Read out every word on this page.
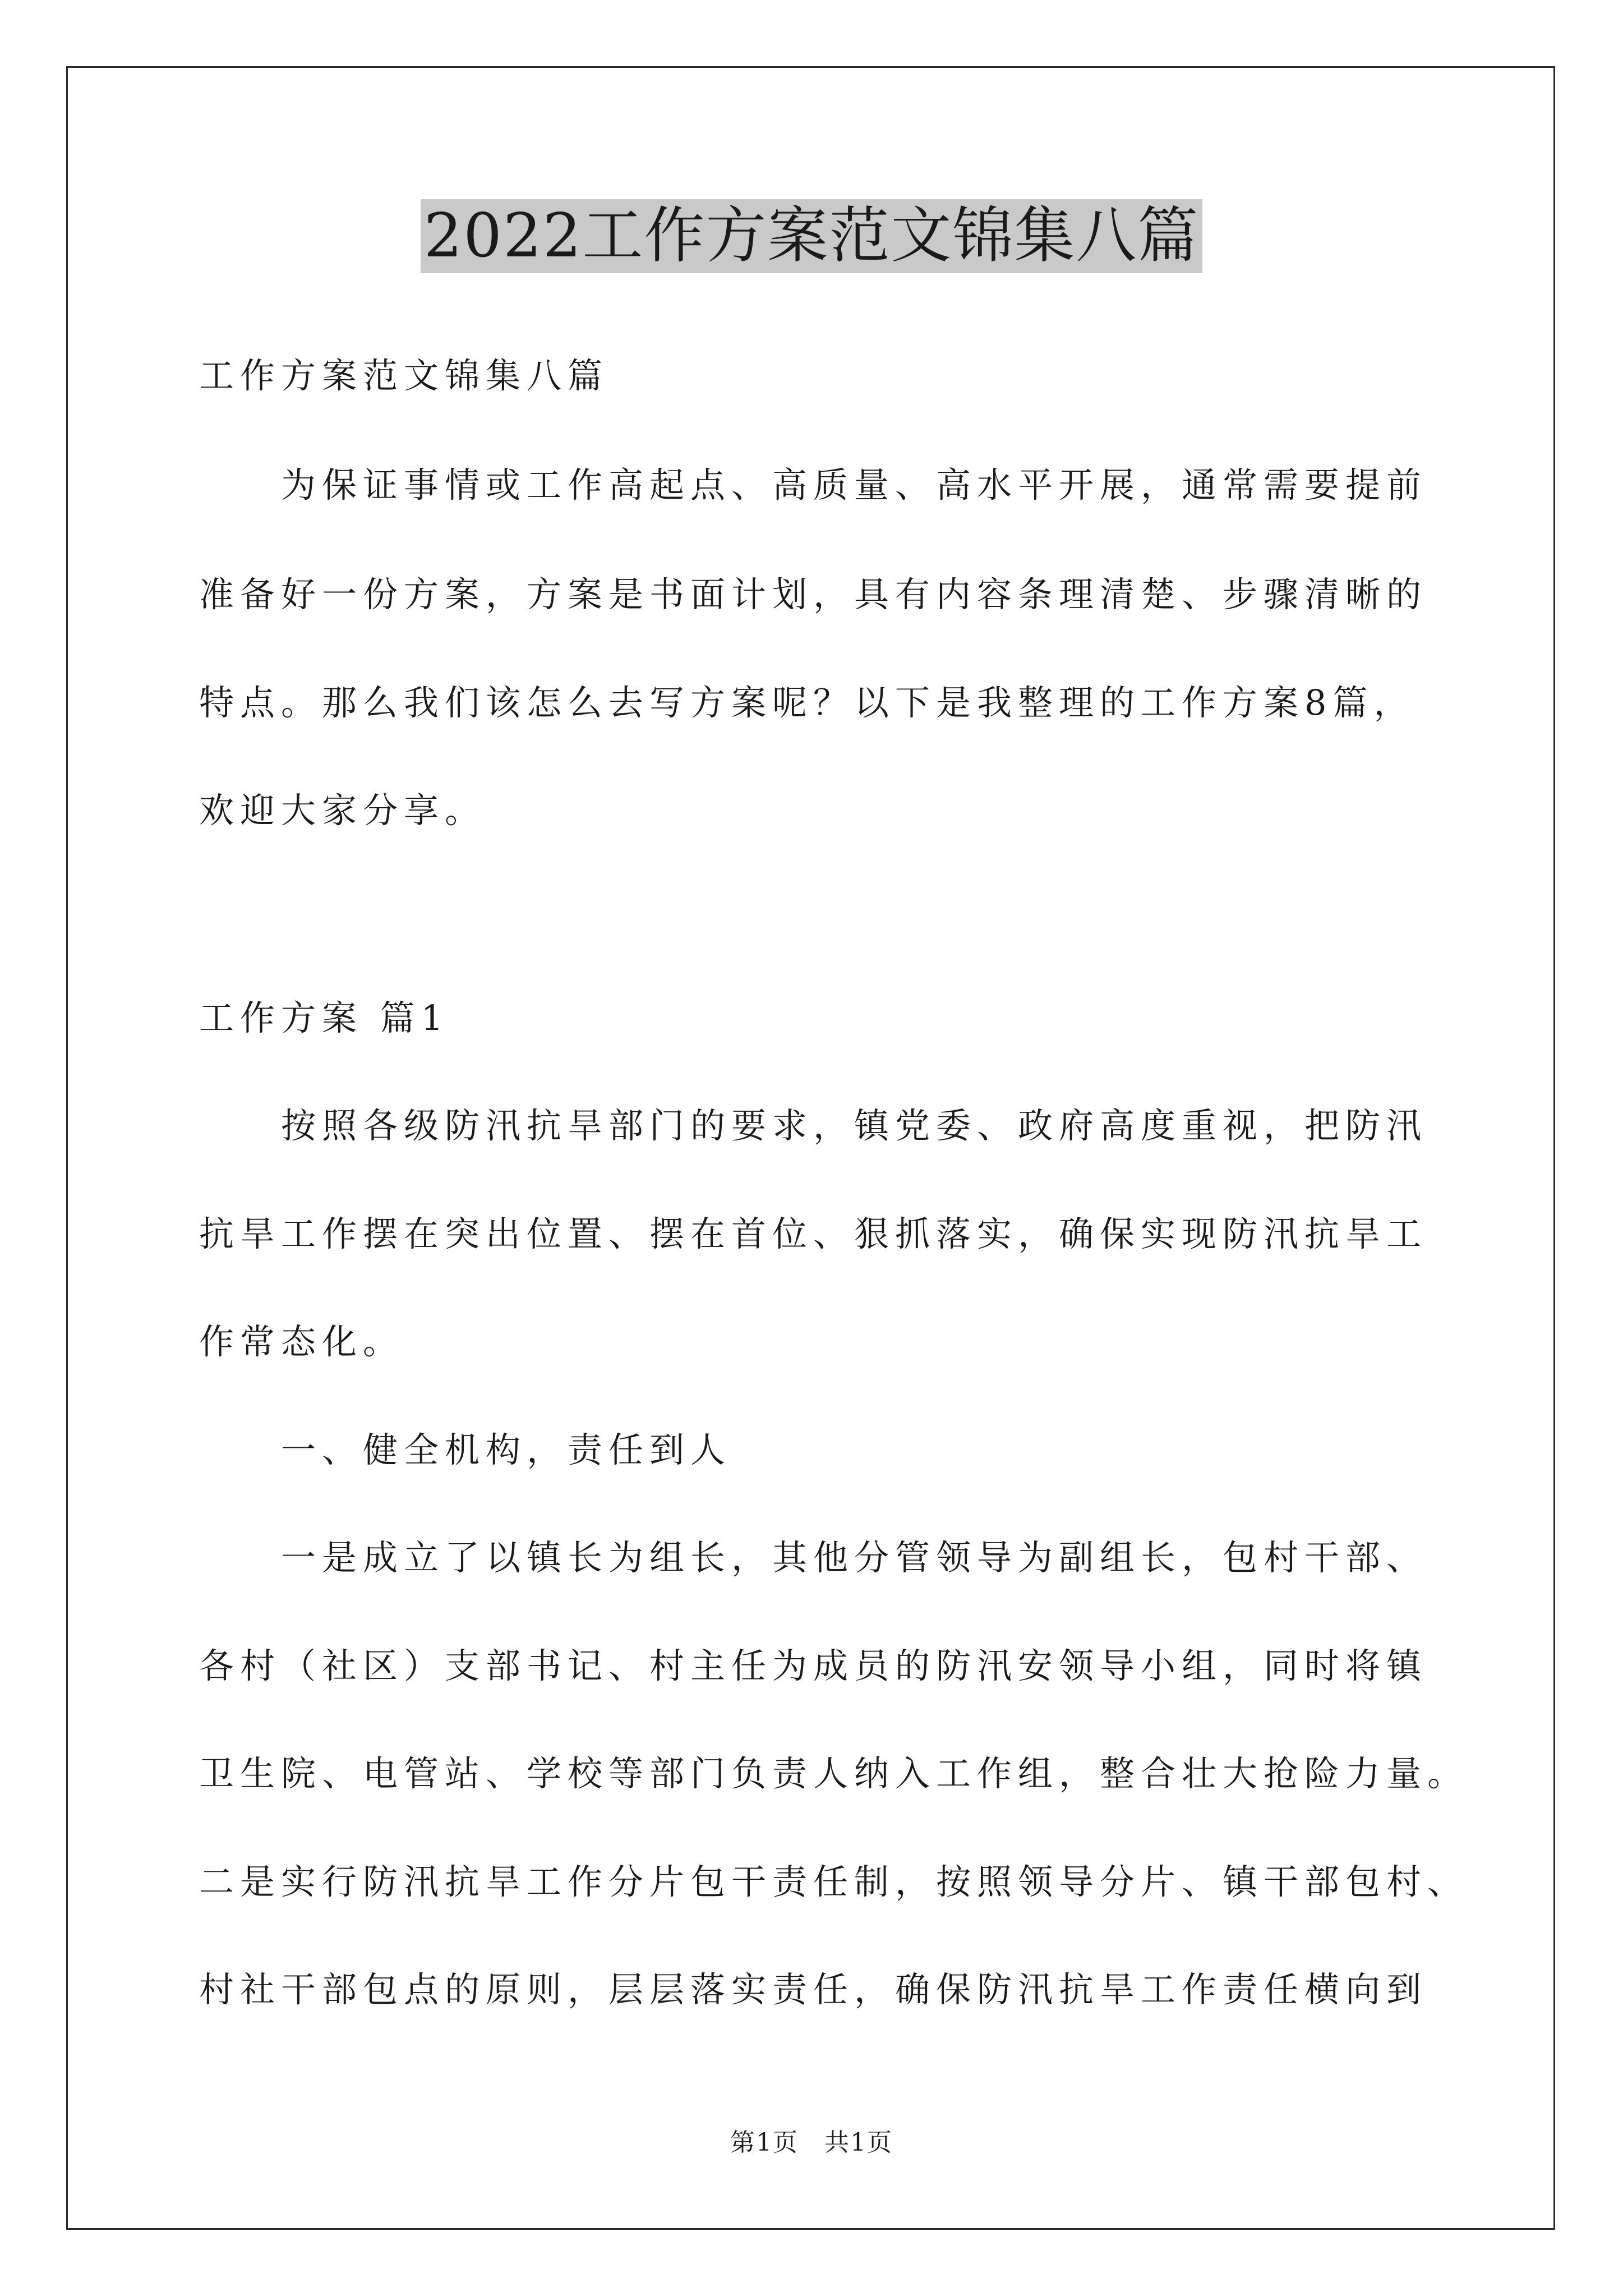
2022工作方案范文锦集八篇
工作方案范文锦集八篇
　　为保证事情或工作高起点、高质量、高水平开展，通常需要提前
准备好一份方案，方案是书面计划，具有内容条理清楚、步骤清晰的
特点。那么我们该怎么去写方案呢？以下是我整理的工作方案8篇，
欢迎大家分享。
工作方案 篇1
　　按照各级防汛抗旱部门的要求，镇党委、政府高度重视，把防汛
抗旱工作摆在突出位置、摆在首位、狠抓落实，确保实现防汛抗旱工
作常态化。
　　一、健全机构，责任到人
　　一是成立了以镇长为组长，其他分管领导为副组长，包村干部、
各村（社区）支部书记、村主任为成员的防汛安领导小组，同时将镇
卫生院、电管站、学校等部门负责人纳入工作组，整合壮大抢险力量。
二是实行防汛抗旱工作分片包干责任制，按照领导分片、镇干部包村、
村社干部包点的原则，层层落实责任，确保防汛抗旱工作责任横向到
第1页　共1页
